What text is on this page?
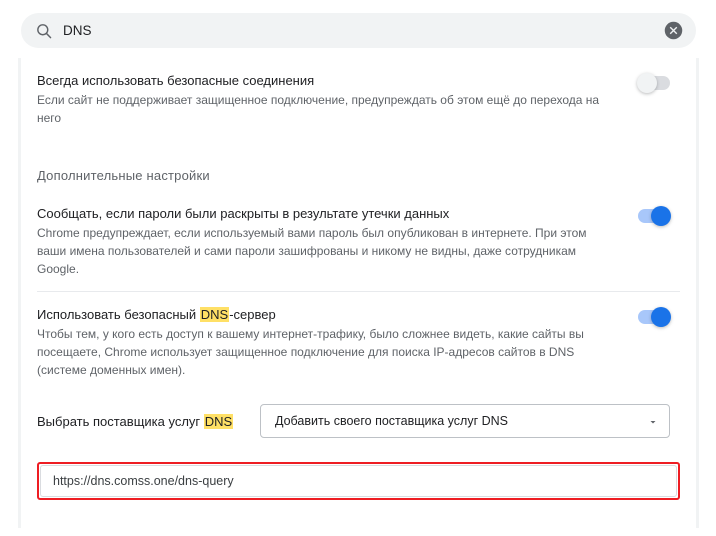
DNS
Всегда использовать безопасные соединения
Если сайт не поддерживает защищенное подключение, предупреждать об этом ещё до перехода на него
Дополнительные настройки
Сообщать, если пароли были раскрыты в результате утечки данных
Chrome предупреждает, если используемый вами пароль был опубликован в интернете. При этом ваши имена пользователей и сами пароли зашифрованы и никому не видны, даже сотрудникам Google.
Использовать безопасный DNS-сервер
Чтобы тем, у кого есть доступ к вашему интернет-трафику, было сложнее видеть, какие сайты вы посещаете, Chrome использует защищенное подключение для поиска IP-адресов сайтов в DNS (системе доменных имен).
Выбрать поставщика услуг DNS	Добавить своего поставщика услуг DNS
https://dns.comss.one/dns-query
